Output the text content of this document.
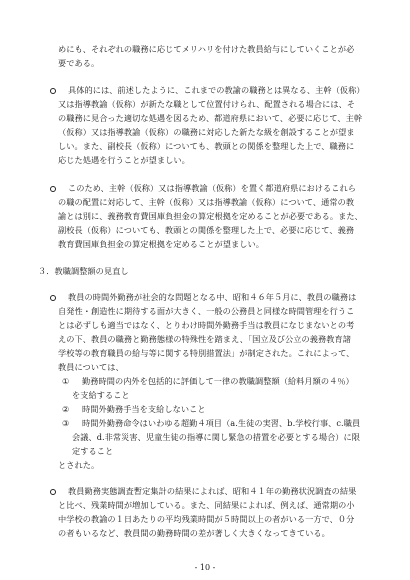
めにも、それぞれの職務に応じてメリハリを付けた教員給与にしていくことが必
要である。
具体的には、前述したように、これまでの教諭の職務とは異なる、主幹（仮称）
又は指導教諭（仮称）が新たな職として位置付けられ、配置される場合には、そ
の職務に見合った適切な処遇を図るため、都道府県において、必要に応じて、主幹
（仮称）又は指導教諭（仮称）の職務に対応した新たな級を創設することが望ま
しい。また、副校長（仮称）についても、教頭との関係を整理した上で、職務に
応じた処遇を行うことが望ましい。
このため、主幹（仮称）又は指導教諭（仮称）を置く都道府県におけるこれら
の職の配置に対応して、主幹（仮称）又は指導教諭（仮称）について、通常の教
諭とは別に、義務教育費国庫負担金の算定根拠を定めることが必要である。また、
副校長（仮称）についても、教頭との関係を整理した上で、必要に応じて、義務
教育費国庫負担金の算定根拠を定めることが望ましい。
３．教職調整額の見直し
教員の時間外勤務が社会的な問題となる中、昭和４６年５月に、教員の職務は
自発性・創造性に期待する面が大きく、一般の公務員と同様な時間管理を行うこ
とは必ずしも適当ではなく、とりわけ時間外勤務手当は教員になじまないとの考
えの下、教員の職務と勤務態様の特殊性を踏まえ、「国立及び公立の義務教育諸
学校等の教育職員の給与等に関する特別措置法」が制定された。これによって、
教員については、
① 勤務時間の内外を包括的に評価して一律の教職調整額（給料月額の４％）
を支給すること
② 時間外勤務手当を支給しないこと
③ 時間外勤務命令はいわゆる超勤４項目（a.生徒の実習、b.学校行事、c.職員
会議、d.非常災害、児童生徒の指導に関し緊急の措置を必要とする場合）に限
定すること
とされた。
教員勤務実態調査暫定集計の結果によれば、昭和４１年の勤務状況調査の結果
と比べ、残業時間が増加している。また、同結果によれば、例えば、通常期の小
中学校の教諭の１日あたりの平均残業時間が５時間以上の者がいる一方で、０分
の者もいるなど、教員間の勤務時間の差が著しく大きくなってきている。
- 10 -
